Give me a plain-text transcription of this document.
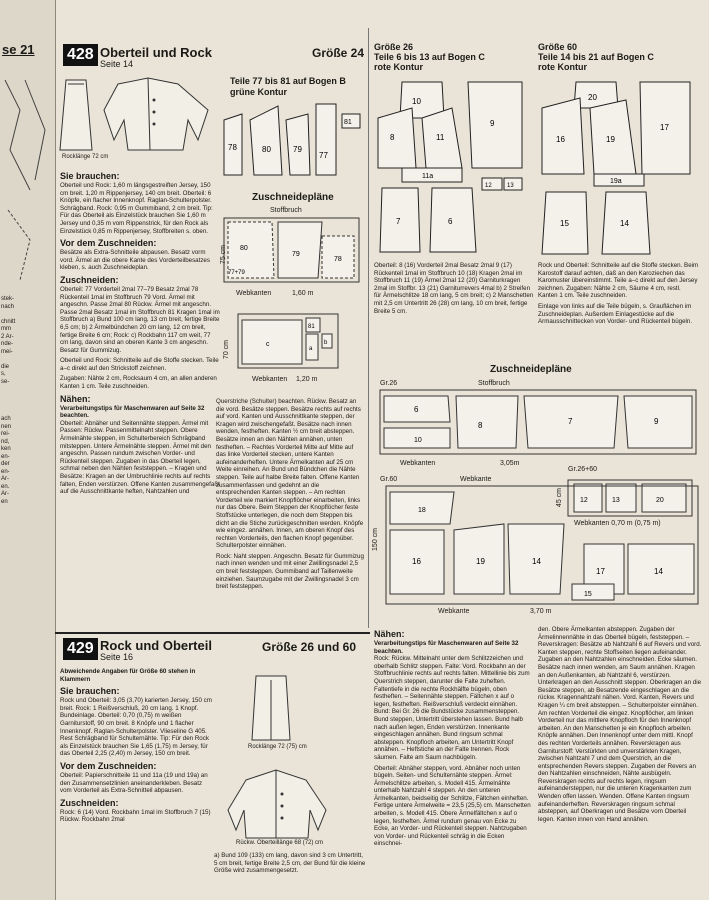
se 21
stek-
nach

chnitt
mm
2 Ar-
nde-
mei-

die
s,
se-

ach
nen
rei-
nd,
ken
en-
der
en-
Ar-
en.
Ar-
en
428 Oberteil und Rock
Seite 14
Größe 24
Rocklänge 72 cm
Teile 77 bis 81 auf Bogen B
grüne Kontur
78	80	79
77
81
Zuschneidepläne
Stoffbruch
80
79
78
77+79
75 cm
Webkanten	1,60 m
c
81
a
b
70 cm
Webkanten 1,20 m
Sie brauchen:
Oberteil und Rock: 1,60 m längsgestreiften Jersey, 150 cm breit. 1,20 m Rippenjersey, 140 cm breit. Oberteil: 6 Knöpfe, ein flacher Innenknopf. Raglan-Schulterpolster. Schrägband. Rock: 0,95 m Gummiband, 2 cm breit. Tip: Für das Oberteil als Einzelstück brauchen Sie 1,60 m Jersey und 0,35 m vom Rippenstrick, für den Rock als Einzelstück 0,85 m Rippenjersey, Stoffbreiten s. oben.
Vor dem Zuschneiden:
Besätze als Extra-Schnitteile abpausen. Besatz vorm vord. Ärmel an die obere Kante des Vorderteilbesatzes kleben, s. auch Zuschneideplan.
Zuschneiden:
Oberteil: 77 Vorderteil 2mal 77–79 Besatz 2mal 78 Rückenteil 1mal im Stoffbruch 79 Vord. Ärmel mit angeschn. Passe 2mal 80 Rückw. Ärmel mit angeschn. Passe 2mal Besatz 1mal im Stoffbruch 81 Kragen 1mal im Stoffbruch a) Bund 100 cm lang, 13 cm breit, fertige Breite 6,5 cm; b) 2 Ärmelbündchen 20 cm lang, 12 cm breit, fertige Breite 6 cm; Rock: c) Rockbahn 117 cm weit, 77 cm lang, davon sind an oberen Kante 3 cm angeschn. Besatz für Gummizug.
Oberteil und Rock: Schnitteile auf die Stoffe stecken. Teile a–c direkt auf den Strickstoff zeichnen.
Zugaben: Nähte 2 cm, Rocksaum 4 cm, an allen anderen Kanten 1 cm. Teile zuschneiden.
Nähen:
Verarbeitungstips für Maschenwaren auf Seite 32 beachten.
Oberteil: Abnäher und Seitennähte steppen. Ärmel mit Passen: Rückw. Passenmittelnaht steppen. Obere Ärmelnähte steppen, im Schulterbereich Schrägband mitsteppen. Untere Ärmelnähte steppen. Ärmel mit den angeschn. Passen rundum zwischen Vorder- und Rückenteil steppen. Zugaben in das Oberteil legen, schmal neben den Nähten feststeppen. – Kragen und Besätze: Kragen an der Umbruchlinie rechts auf rechts falten, Enden verstürzen. Offene Kanten zusammengefaßt auf die Ausschnittkante heften, Nahtzahlen und
Querstriche (Schulter) beachten. Rückw. Besatz an die vord. Besätze steppen. Besätze rechts auf rechts auf vord. Kanten und Ausschnittkante steppen, der Kragen wird zwischengefaßt. Besätze nach innen wenden, festheften. Kanten ½ cm breit absteppen. Besätze innen an den Nähten annähen, unten festheften. – Rechtes Vorderteil Mitte auf Mitte auf das linke Vorderteil stecken, untere Kanten aufeinanderheften. Untere Ärmelkanten auf 25 cm Weite einreihen. An Bund und Bündchen die Nähte steppen. Teile auf halbe Breite falten. Offene Kanten zusammenfassen und gedehnt an die entsprechenden Kanten steppen. – Am rechten Vorderteil wie markiert Knopflöcher einarbeiten, links nur das Obere. Beim Steppen der Knopflöcher feste Stoffstücke unterlegen, die noch dem Steppen bis dicht an die Stiche zurückgeschnitten werden. Knöpfe wie eingez. annähen. Innen, am oberen Knopf des rechten Vorderteils, den flachen Knopf gegenüber. Schulterpolster einnähen.
Rock: Naht steppen. Angeschn. Besatz für Gummizug nach innen wenden und mit einer Zwillingsnadel 2,5 cm breit feststeppen. Gummiband auf Taillenweite einziehen. Saumzugabe mit der Zwillingsnadel 3 cm breit feststeppen.
429 Rock und Oberteil
Seite 16
Größe 26 und 60
Abweichende Angaben für Größe 60 stehen in Klammern
Sie brauchen:
Rock und Oberteil: 3,05 (3,70) karierten Jersey, 150 cm breit. Rock: 1 Reißverschluß, 20 cm lang. 1 Knopf. Bundeinlage. Oberteil: 0,70 (0,75) m weißen Garniturstoff, 90 cm breit. 8 Knöpfe und 1 flacher Innenknopf. Raglan-Schulterpolster. Vlieseline G 405. Rest Schrägband für Schulternähte. Tip: Für den Rock als Einzelstück brauchen Sie 1,65 (1,75) m Jersey, für das Oberteil 2,25 (2,40) m Jersey, 150 cm breit.
Vor dem Zuschneiden:
Oberteil: Papierschnitteile 11 und 11a (19 und 19a) an den Zusammensetzlinien aneinanderkleben. Besatz vom Vorderteil als Extra-Schnitteil abpausen.
Zuschneiden:
Rock: 6 (14) Vord. Rockbahn 1mal im Stoffbruch 7 (15) Rückw. Rockbahn 2mal
Rocklänge 72 (75) cm
Rückw. Oberteillänge 68 (72) cm
a) Bund 109 (133) cm lang, davon sind 3 cm Untertritt, 5 cm breit, fertige Breite 2,5 cm, der Bund für die kleine Größe wird zusammengesetzt.
Größe 26
Teile 6 bis 13 auf Bogen C
rote Kontur
Größe 60
Teile 14 bis 21 auf Bogen C
rote Kontur
10
8	11
9
11a
7	6
12	13
20
16	19
17
19a
15	14
Oberteil: 8 (16) Vorderteil 2mal Besatz 2mal 9 (17) Rückenteil 1mal im Stoffbruch 10 (18) Kragen 2mal im Stoffbruch 11 (19) Ärmel 2mal 12 (20) Garniturkragen 2mal im Stoffbr. 13 (21) Garniturrevers 4mal b) 2 Streifen für Ärmelschlitze 18 cm lang, 5 cm breit; c) 2 Manschetten mit 2,5 cm Untertritt 26 (28) cm lang, 10 cm breit, fertige Breite 5 cm.
Rock und Oberteil: Schnitteile auf die Stoffe stecken. Beim Karostoff darauf achten, daß an den Karoziechen das Karomuster übereinstimmt. Teile a–c direkt auf den Jersey zeichnen. Zugaben: Nähte 2 cm, Säume 4 cm, restl. Kanten 1 cm. Teile zuschneiden.
Einlage von links auf die Teile bügeln, s. Grauflächen im Zuschneideplan. Außerdem Einlagestücke auf die Armausschnittecken von Vorder- und Rückenteil bügeln.
Zuschneidepläne
Gr.26	Stoffbruch
6
8	7	9
10
Webkanten	3,05m
Gr.26+60
12	13	20
45 cm
Webkanten 0,70 m (0,75 m)
Gr.60	Webkante
18
16	19	14
17	14
15
150 cm
Webkante	3,70 m
Nähen:
Verarbeitungstips für Maschenwaren auf Seite 32 beachten.
Rock: Rückw. Mittelnaht unter dem Schlitzzeichen und oberhalb Schlitz steppen. Falte: Vord. Rockbahn an der Stoffbruchlinie rechts auf rechts falten. Mittellinie bis zum Querstrich steppen, darunter die Falte zuheften. Faltentiefe in die rechte Rockhälfte bügeln, oben festheften. – Seitennähte steppen. Fältchen x auf o legen, festheften. Reißverschluß verdeckt einnähen. Bund: Bei Gr. 26 die Bundstücke zusammensteppen. Bund steppen, Untertritt überstehen lassen. Bund halb nach außen legen, Enden verstürzen. Innenkante eingeschlagen annähen. Bund ringsum schmal absteppen. Knopfloch arbeiten, am Untertritt Knopf annähen. – Heftstiche an der Falte trennen. Rock säumen. Falte am Saum nachbügeln.
Oberteil: Abnäher steppen, vord. Abnäher noch unten bügeln. Seiten- und Schulternähte steppen. Ärmel: Ärmelschlitze arbeiten, s. Modell 415. Ärmelnähte unterhalb Nahtzahl 4 steppen. An den unteren Ärmelkanten, beidseitig der Schlitze, Fältchen einheften. Fertige untere Ärmelweite = 23,5 (25,5) cm. Manschetten arbeiten, s. Modell 415. Obere Ärmelfältchen x auf o legen, festheften. Ärmel rundum genau von Ecke zu Ecke, an Vorder- und Rückenteil steppen. Nahtzugaben von Vorder- und Rückenteil schräg in die Ecken einschnei-
den. Obere Ärmelkanten absteppen. Zugaben der Ärmelinnennähte in das Oberteil bügeln, feststeppen. – Reverskragen: Besätze ab Nahtzahl 6 auf Revers und vord. Kanten steppen, rechte Stoffseiten liegen aufeinander. Zugaben an den Nahtzahlen einschneiden. Ecke säumen. Besätze nach innen wenden, am Saum annähen. Kragen an den Außenkanten, ab Nahtzahl 6, verstürzen. Unterkragen an den Ausschnitt steppen. Oberkragen an die Besätze steppen, ab Besatzende eingeschlagen an die rückw. Kragennahtzahl nähen. Vord. Kanten, Revers und Kragen ¼ cm breit absteppen. – Schulterpolster einnähen. Am rechten Vorderteil die eingez. Knopflöcher, am linken Vorderteil nur das mittlere Knopfloch für den Innenknopf arbeiten. An den Manschetten je ein Knopfloch arbeiten. Knöpfe annähen. Den Innenknopf unter dem mittl. Knopf des rechten Vorderteils annähen. Reverskragen aus Garniturstoff: Verstürkten und unverstärkten Kragen, zwischen Nahtzahl 7 und dem Querstrich, an die entsprechenden Revers steppen. Zugaben der Revers an den Nahtzahlen einschneiden, Nähte ausbügeln. Reverskragen rechts auf rechts legen, ringsum aufeinandersteppen, nur die unteren Kragenkanten zum Wenden offen lassen. Wenden. Offene Kanten ringsum aufeinanderheften. Reverskragen ringsum schmal absteppen, auf Oberkragen und Besätze vom Oberteil legen. Kanten innen von Hand annähen.
